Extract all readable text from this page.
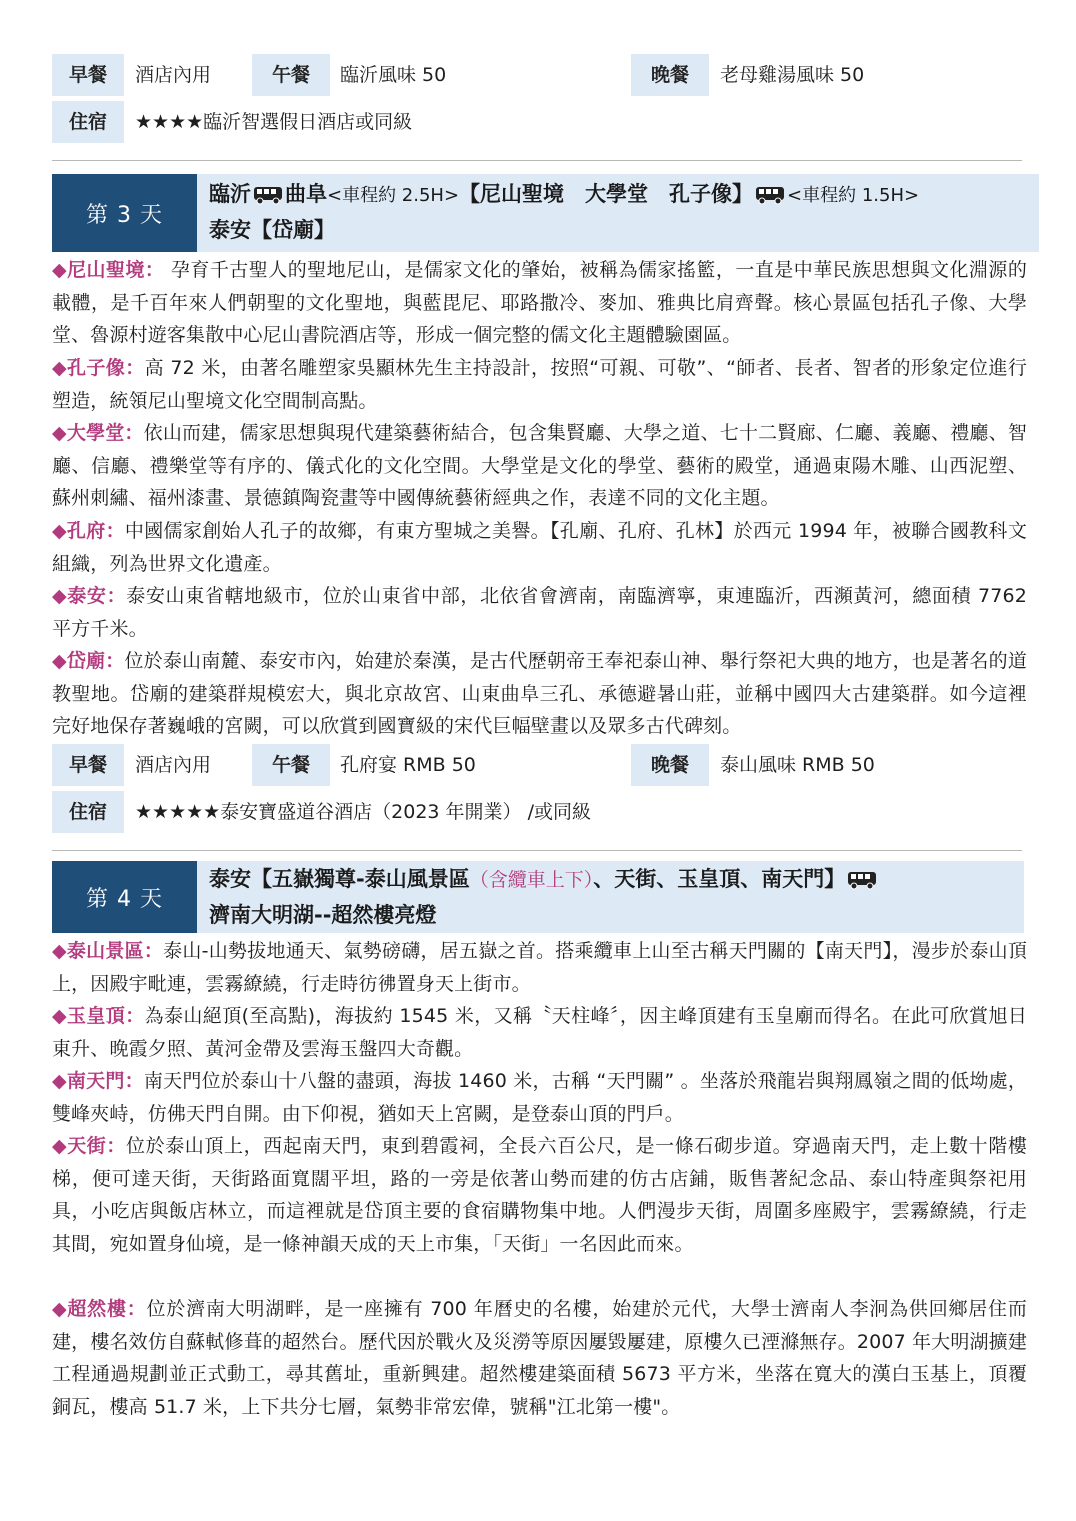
早餐	酒店內用	午餐	臨沂風味 50	晚餐	老母雞湯風味 50
住宿	★★★★臨沂智選假日酒店或同級
第 3 天
臨沂 曲阜<車程約 2.5H>【尼山聖境　大學堂　孔子像】 <車程約 1.5H>
泰安【岱廟】
◆尼山聖境： 孕育千古聖人的聖地尼山，是儒家文化的肇始，被稱為儒家搖籃，一直是中華民族思想與文化淵源的載體，是千百年來人們朝聖的文化聖地，與藍毘尼、耶路撒冷、麥加、雅典比肩齊聲。核心景區包括孔子像、大學堂、魯源村遊客集散中心尼山書院酒店等，形成一個完整的儒文化主題體驗園區。
◆孔子像：高 72 米，由著名雕塑家吳顯林先生主持設計，按照“可親、可敬”、“師者、長者、智者的形象定位進行塑造，統領尼山聖境文化空間制高點。
◆大學堂：依山而建，儒家思想與現代建築藝術結合，包含集賢廳、大學之道、七十二賢廊、仁廳、義廳、禮廳、智廳、信廳、禮樂堂等有序的、儀式化的文化空間。大學堂是文化的學堂、藝術的殿堂，通過東陽木雕、山西泥塑、蘇州刺繡、福州漆畫、景德鎮陶瓷畫等中國傳統藝術經典之作，表達不同的文化主題。
◆孔府：中國儒家創始人孔子的故鄉，有東方聖城之美譽。【孔廟、孔府、孔林】於西元 1994 年，被聯合國教科文組織，列為世界文化遺產。
◆泰安：泰安山東省轄地級市，位於山東省中部，北依省會濟南，南臨濟寧，東連臨沂，西瀕黃河，總面積 7762 平方千米。
◆岱廟：位於泰山南麓、泰安市內，始建於秦漢，是古代歷朝帝王奉祀泰山神、舉行祭祀大典的地方，也是著名的道教聖地。岱廟的建築群規模宏大，與北京故宮、山東曲阜三孔、承德避暑山莊，並稱中國四大古建築群。如今這裡完好地保存著巍峨的宮闕，可以欣賞到國寶級的宋代巨幅壁畫以及眾多古代碑刻。
早餐	酒店內用	午餐	孔府宴 RMB 50	晚餐	泰山風味 RMB 50
住宿	★★★★★泰安寶盛道谷酒店（2023 年開業） /或同級
第 4 天
泰安【五嶽獨尊-泰山風景區（含纜車上下）、天街、玉皇頂、南天門】
濟南大明湖--超然樓亮燈
◆泰山景區：泰山-山勢拔地通天、氣勢磅礴，居五嶽之首。搭乘纜車上山至古稱天門關的【南天門】，漫步於泰山頂上，因殿宇毗連，雲霧繚繞，行走時彷彿置身天上街市。
◆玉皇頂：為泰山絕頂(至高點)，海拔約 1545 米，又稱〝天柱峰〞，因主峰頂建有玉皇廟而得名。在此可欣賞旭日東升、晚霞夕照、黃河金帶及雲海玉盤四大奇觀。
◆南天門：南天門位於泰山十八盤的盡頭，海拔 1460 米，古稱 “天門關” 。坐落於飛龍岩與翔鳳嶺之間的低坳處，雙峰夾峙，仿佛天門自開。由下仰視，猶如天上宮闕，是登泰山頂的門戶。
◆天街：位於泰山頂上，西起南天門，東到碧霞祠，全長六百公尺，是一條石砌步道。穿過南天門，走上數十階樓梯，便可達天街，天街路面寬闊平坦，路的一旁是依著山勢而建的仿古店鋪，販售著紀念品、泰山特產與祭祀用具，小吃店與飯店林立，而這裡就是岱頂主要的食宿購物集中地。人們漫步天街，周圍多座殿宇，雲霧繚繞，行走其間，宛如置身仙境，是一條神韻天成的天上市集，「天街」一名因此而來。
◆超然樓：位於濟南大明湖畔，是一座擁有 700 年曆史的名樓，始建於元代，大學士濟南人李泂為供回鄉居住而建，樓名效仿自蘇軾修葺的超然台。歷代因於戰火及災澇等原因屢毀屢建，原樓久已湮滌無存。2007 年大明湖擴建工程通過規劃並正式動工，尋其舊址，重新興建。超然樓建築面積 5673 平方米，坐落在寬大的漢白玉基上，頂覆銅瓦，樓高 51.7 米，上下共分七層，氣勢非常宏偉，號稱"江北第一樓"。
